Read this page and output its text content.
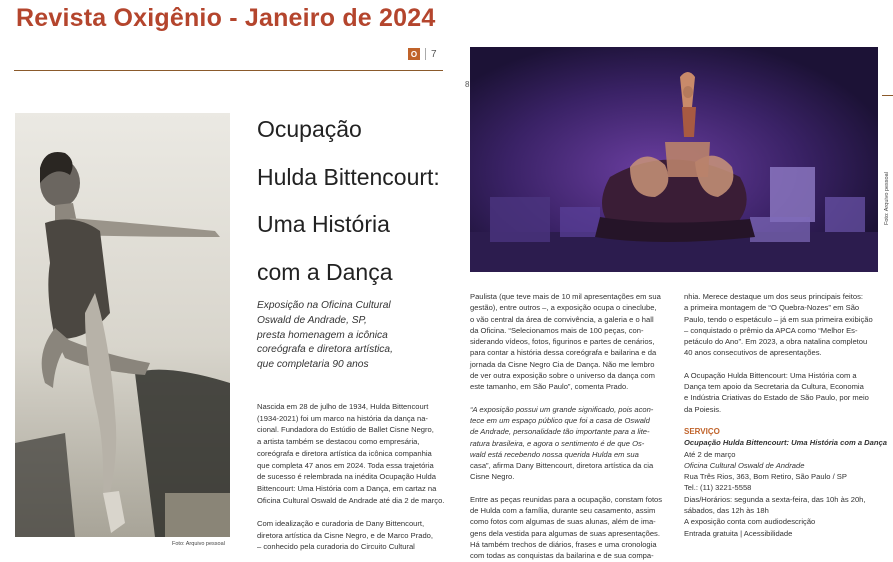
Revista Oxigênio - Janeiro de 2024
O 7
Foto: Arquivo pessoal
Ocupação
Hulda Bittencourt:
Uma História
com a Dança
Exposição na Oficina Cultural
Oswald de Andrade, SP,
presta homenagem a icônica
coreógrafa e diretora artística,
que completaria 90 anos
Nascida em 28 de julho de 1934, Hulda Bittencourt
(1934-2021) foi um marco na história da dança na-
cional. Fundadora do Estúdio de Ballet Cisne Negro,
a artista também se destacou como empresária,
coreógrafa e diretora artística da icônica companhia
que completa 47 anos em 2024. Toda essa trajetória
de sucesso é relembrada na inédita Ocupação Hulda
Bittencourt: Uma História com a Dança, em cartaz na
Oficina Cultural Oswald de Andrade até dia 2 de março.
Com idealização e curadoria de Dany Bittencourt,
diretora artística da Cisne Negro, e de Marco Prado,
– conhecido pela curadoria do Circuito Cultural
8
Foto: Arquivo pessoal
Paulista (que teve mais de 10 mil apresentações em sua
gestão), entre outros –, a exposição ocupa o cineclube,
o vão central da área de convivência, a galeria e o hall
da Oficina. “Selecionamos mais de 100 peças, con-
siderando vídeos, fotos, figurinos e partes de cenários,
para contar a história dessa coreógrafa e bailarina e da
jornada da Cisne Negro Cia de Dança. Não me lembro
de ver outra exposição sobre o universo da dança com
este tamanho, em São Paulo”, comenta Prado.
“A exposição possui um grande significado, pois acon-
tece em um espaço público que foi a casa de Oswald
de Andrade, personalidade tão importante para a lite-
ratura brasileira, e agora o sentimento é de que Os-
wald está recebendo nossa querida Hulda em sua
casa”, afirma Dany Bittencourt, diretora artística da cia
Cisne Negro.
Entre as peças reunidas para a ocupação, constam fotos
de Hulda com a família, durante seu casamento, assim
como fotos com algumas de suas alunas, além de ima-
gens dela vestida para algumas de suas apresentações.
Há também trechos de diários, frases e uma cronologia
com todas as conquistas da bailarina e de sua compa-
nhia. Merece destaque um dos seus principais feitos:
a primeira montagem de “O Quebra-Nozes” em São
Paulo, tendo o espetáculo – já em sua primeira exibição
– conquistado o prêmio da APCA como “Melhor Es-
petáculo do Ano”. Em 2023, a obra natalina completou
40 anos consecutivos de apresentações.
A Ocupação Hulda Bittencourt: Uma História com a
Dança tem apoio da Secretaria da Cultura, Economia
e Indústria Criativas do Estado de São Paulo, por meio
da Poiesis.
SERVIÇO
Ocupação Hulda Bittencourt: Uma História com a Dança
Até 2 de março
Oficina Cultural Oswald de Andrade
Rua Três Rios, 363, Bom Retiro, São Paulo / SP
Tel.: (11) 3221-5558
Dias/Horários: segunda a sexta-feira, das 10h às 20h,
sábados, das 12h às 18h
A exposição conta com audiodescrição
Entrada gratuita | Acessibilidade
